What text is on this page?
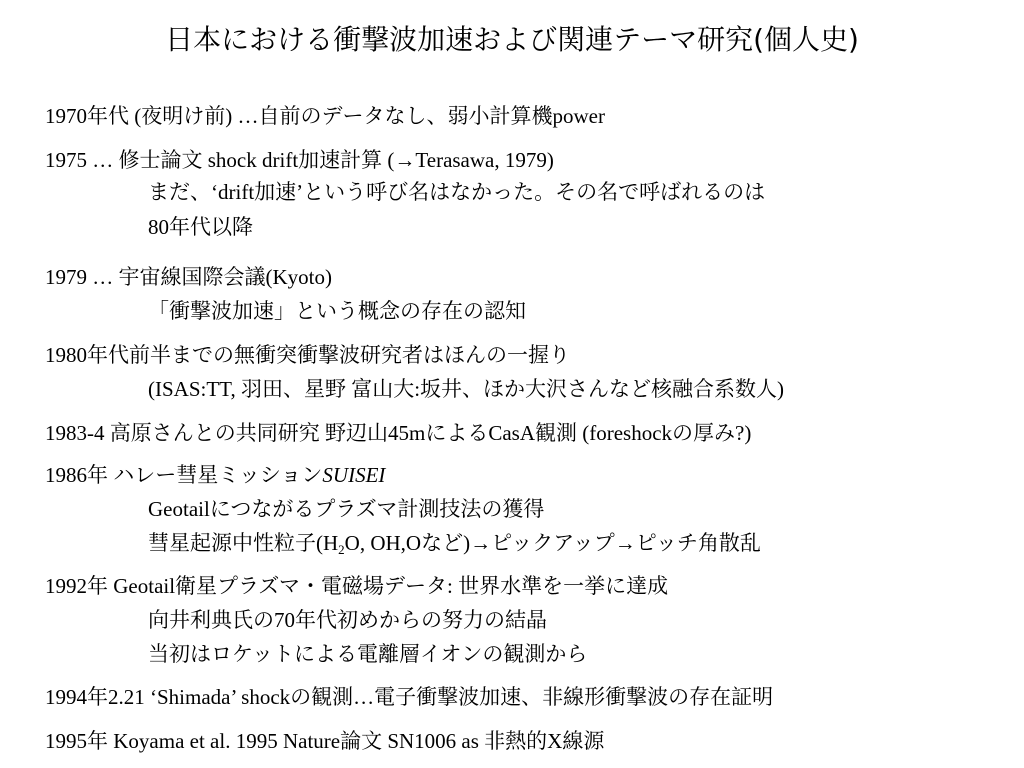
日本における衝撃波加速および関連テーマ研究(個人史)
1970年代 (夜明け前) …自前のデータなし、弱小計算機power
1975 … 修士論文 shock drift加速計算 (→Terasawa, 1979)
まだ、‘drift加速’という呼び名はなかった。その名で呼ばれるのは
80年代以降
1979 … 宇宙線国際会議(Kyoto)
「衝撃波加速」という概念の存在の認知
1980年代前半までの無衝突衝撃波研究者はほんの一握り
(ISAS:TT, 羽田、星野 富山大:坂井、ほか大沢さんなど核融合系数人)
1983-4 高原さんとの共同研究 野辺山45mによるCasA観測 (foreshockの厚み?)
1986年 ハレー彗星ミッションSUISEI
Geotailにつながるプラズマ計測技法の獲得
彗星起源中性粒子($H_2O$, OH,Oなど)→ピックアップ→ピッチ角散乱
1992年 Geotail衛星プラズマ・電磁場データ: 世界水準を一挙に達成
向井利典氏の70年代初めからの努力の結晶
当初はロケットによる電離層イオンの観測から
1994年2.21 ‘Shimada’ shockの観測…電子衝撃波加速、非線形衝撃波の存在証明
1995年 Koyama et al. 1995 Nature論文 SN1006 as 非熱的X線源
